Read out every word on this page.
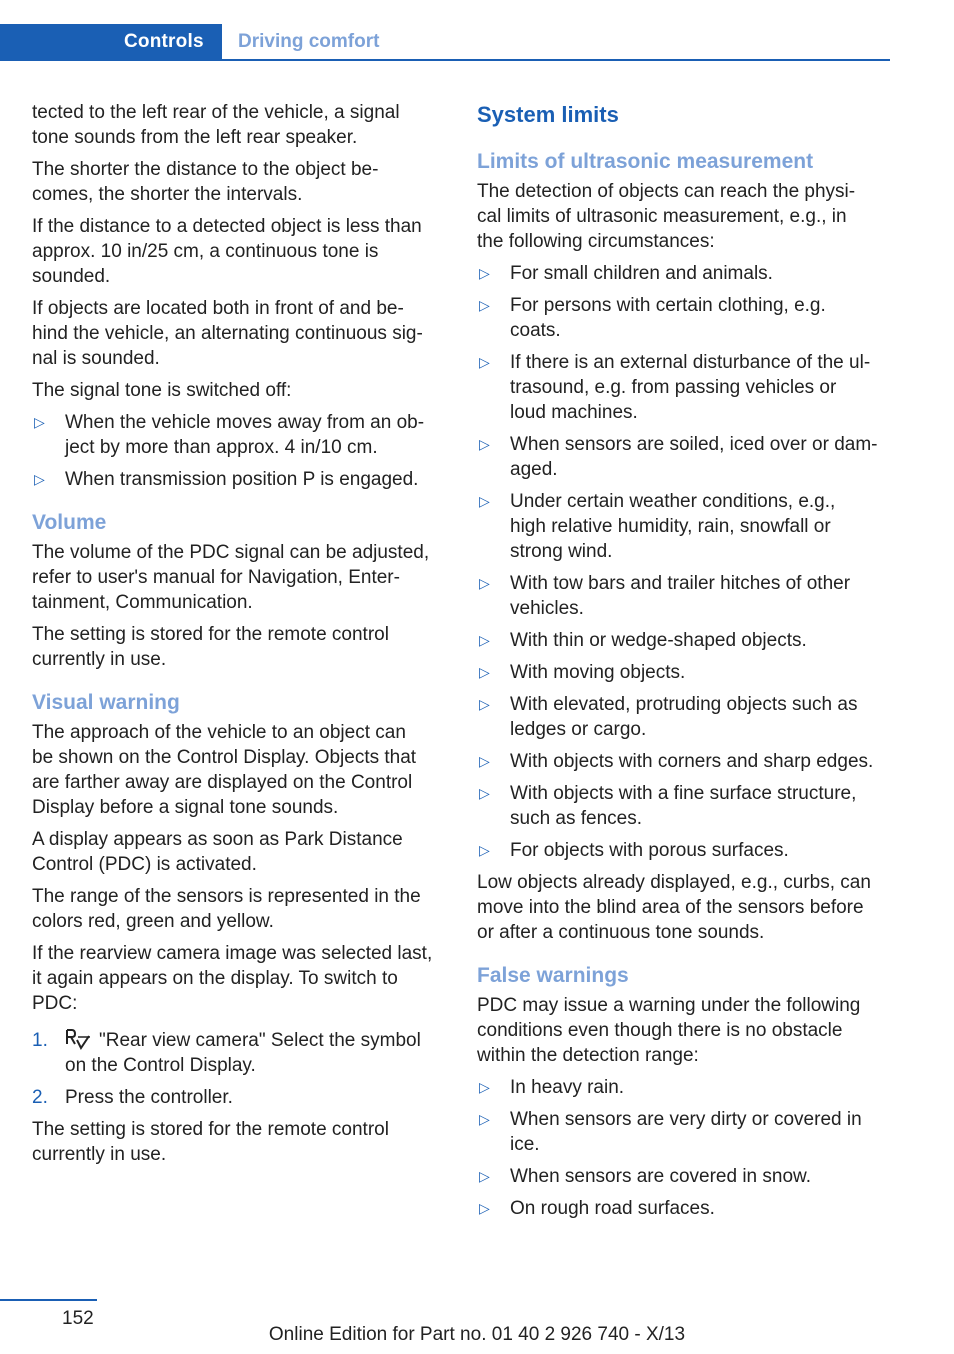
Controls Driving comfort

tected to the left rear of the vehicle, a signal
tone sounds from the left rear speaker.

The shorter the distance to the object be-
comes, the shorter the intervals.

If the distance to a detected object is less than
approx. 10 in/25 cm, a continuous tone is
sounded.

If objects are located both in front of and be-
hind the vehicle, an alternating continuous sig-
nal is sounded.

The signal tone is switched off:

▷ When the vehicle moves away from an ob-
ject by more than approx. 4 in/10 cm.
▷ When transmission position P is engaged.
Volume

The volume of the PDC signal can be adjusted,
refer to user's manual for Navigation, Enter-
tainment, Communication.

The setting is stored for the remote control
currently in use.

Visual warning

The approach of the vehicle to an object can
be shown on the Control Display. Objects that
are farther away are displayed on the Control
Display before a signal tone sounds.

A display appears as soon as Park Distance
Control (PDC) is activated.

The range of the sensors is represented in the
colors red, green and yellow.

If the rearview camera image was selected last,
it again appears on the display. To switch to
PDC:

1.	"Rear view camera" Select the symbol
on the Control Display.
2. Press the controller.

The setting is stored for the remote control
currently in use.

System limits
Limits of ultrasonic measurement

The detection of objects can reach the physi-
cal limits of ultrasonic measurement, e.g., in
the following circumstances:

▷ For small children and animals.
▷ For persons with certain clothing, e.g.
coats.
▷ If there is an external disturbance of the ul-
trasound, e.g. from passing vehicles or
loud machines.
▷ When sensors are soiled, iced over or dam-
aged.
▷ Under certain weather conditions, e.g.,
high relative humidity, rain, snowfall or
strong wind.
▷ With tow bars and trailer hitches of other
vehicles.
▷ With thin or wedge-shaped objects.
▷ With moving objects.
▷ With elevated, protruding objects such as
ledges or cargo.
▷ With objects with corners and sharp edges.
▷ With objects with a fine surface structure,
such as fences.
▷ For objects with porous surfaces.

Low objects already displayed, e.g., curbs, can
move into the blind area of the sensors before
or after a continuous tone sounds.

False warnings

PDC may issue a warning under the following
conditions even though there is no obstacle
within the detection range:

▷ In heavy rain.
▷ When sensors are very dirty or covered in
ice.
▷ When sensors are covered in snow.
▷ On rough road surfaces.
152
Online Edition for Part no. 01 40 2 926 740 - X/13
